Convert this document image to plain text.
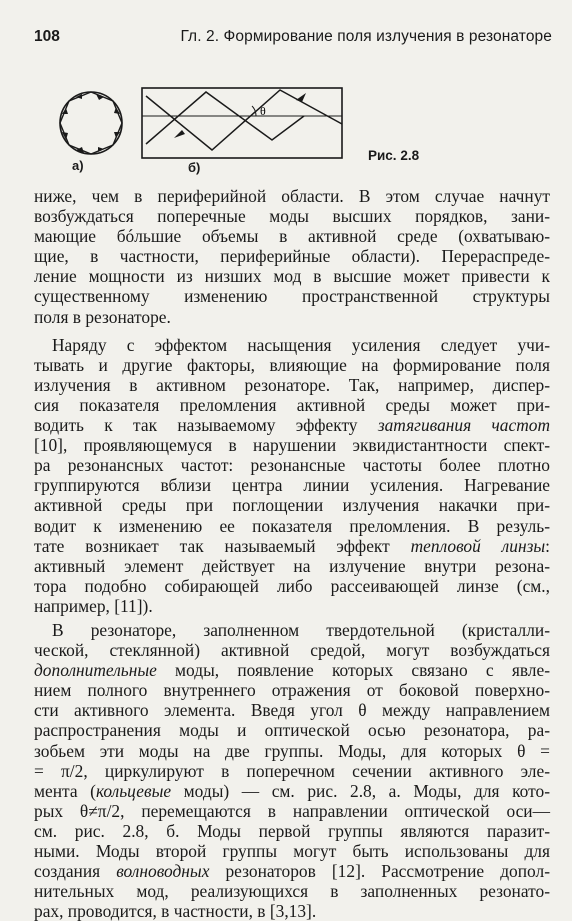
108	Гл. 2. Формирование поля излучения в резонаторе
θ
а)	б)
Рис. 2.8

ниже, чем в периферийной области. В этом случае начнут
возбуждаться поперечные моды высших порядков, зани-
мающие бóльшие объемы в активной среде (охватываю-
щие, в частности, периферийные области). Перераспреде-
ление мощности из низших мод в высшие может привести к
существенному изменению пространственной структуры
поля в резонаторе.

Наряду с эффектом насыщения усиления следует учи-
тывать и другие факторы, влияющие на формирование поля
излучения в активном резонаторе. Так, например, диспер-
сия показателя преломления активной среды может при-
водить к так называемому эффекту затягивания частот
[10], проявляющемуся в нарушении эквидистантности спект-
ра резонансных частот: резонансные частоты более плотно
группируются вблизи центра линии усиления. Нагревание
активной среды при поглощении излучения накачки при-
водит к изменению ее показателя преломления. В резуль-
тате возникает так называемый эффект тепловой линзы:
активный элемент действует на излучение внутри резона-
тора подобно собирающей либо рассеивающей линзе (см.,
например, [11]).

В резонаторе, заполненном твердотельной (кристалли-
ческой, стеклянной) активной средой, могут возбуждаться
дополнительные моды, появление которых связано с явле-
нием полного внутреннего отражения от боковой поверхно-
сти активного элемента. Введя угол θ между направлением
распространения моды и оптической осью резонатора, ра-
зобьем эти моды на две группы. Моды, для которых θ =
= π/2, циркулируют в поперечном сечении активного эле-
мента (кольцевые моды) — см. рис. 2.8, а. Моды, для кото-
рых θ≠π/2, перемещаются в направлении оптической оси—
см. рис. 2.8, б. Моды первой группы являются паразит-
ными. Моды второй группы могут быть использованы для
создания волноводных резонаторов [12]. Рассмотрение допол-
нительных мод, реализующихся в заполненных резонато-
рах, проводится, в частности, в [3,13].
